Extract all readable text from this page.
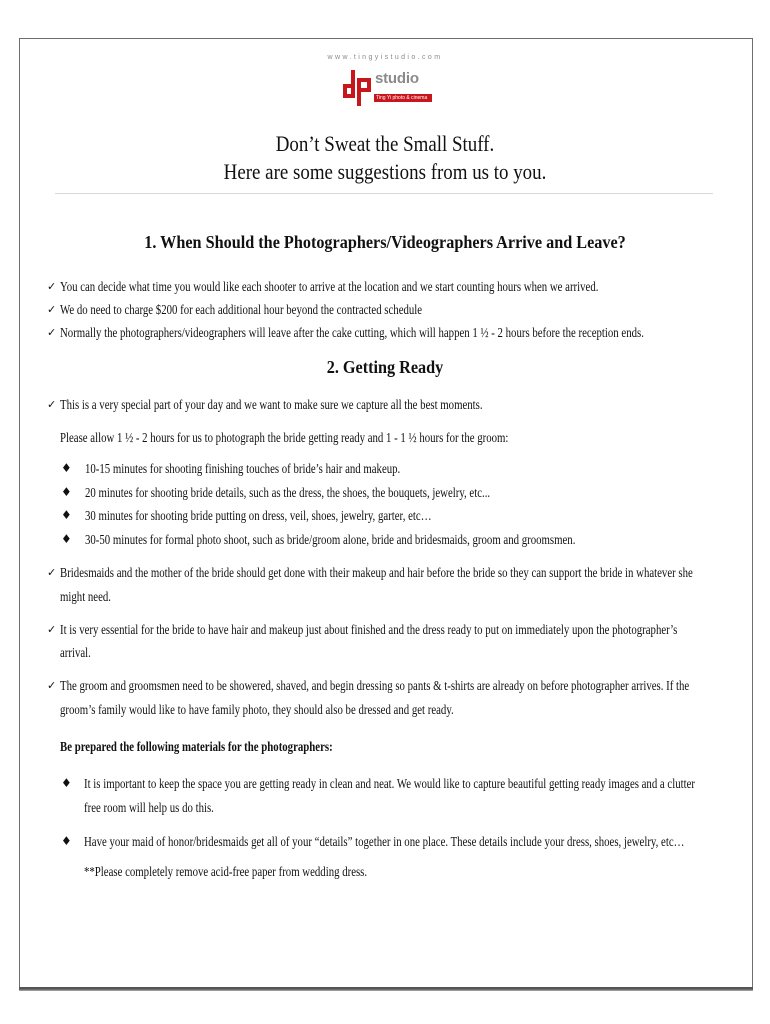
www.tingyistudio.com
studio
Ting Yi photo & cinema
Don’t Sweat the Small Stuff.
Here are some suggestions from us to you.
1. When Should the Photographers/Videographers Arrive and Leave?
✓ You can decide what time you would like each shooter to arrive at the location and we start counting hours when we arrived.
✓ We do need to charge $200 for each additional hour beyond the contracted schedule
✓ Normally the photographers/videographers will leave after the cake cutting, which will happen 1 ½ - 2 hours before the reception ends.
2. Getting Ready
✓ This is a very special part of your day and we want to make sure we capture all the best moments.
Please allow 1 ½ - 2 hours for us to photograph the bride getting ready and 1 - 1 ½ hours for the groom:
♦ 10-15 minutes for shooting finishing touches of bride’s hair and makeup.
♦ 20 minutes for shooting bride details, such as the dress, the shoes, the bouquets, jewelry, etc...
♦ 30 minutes for shooting bride putting on dress, veil, shoes, jewelry, garter, etc…
♦ 30-50 minutes for formal photo shoot, such as bride/groom alone, bride and bridesmaids, groom and groomsmen.
✓ Bridesmaids and the mother of the bride should get done with their makeup and hair before the bride so they can support the bride in whatever she
might need.
✓ It is very essential for the bride to have hair and makeup just about finished and the dress ready to put on immediately upon the photographer’s
arrival.
✓ The groom and groomsmen need to be showered, shaved, and begin dressing so pants & t-shirts are already on before photographer arrives. If the
groom’s family would like to have family photo, they should also be dressed and get ready.
Be prepared the following materials for the photographers:
♦ It is important to keep the space you are getting ready in clean and neat. We would like to capture beautiful getting ready images and a clutter
free room will help us do this.
♦ Have your maid of honor/bridesmaids get all of your “details” together in one place. These details include your dress, shoes, jewelry, etc…
**Please completely remove acid-free paper from wedding dress.
